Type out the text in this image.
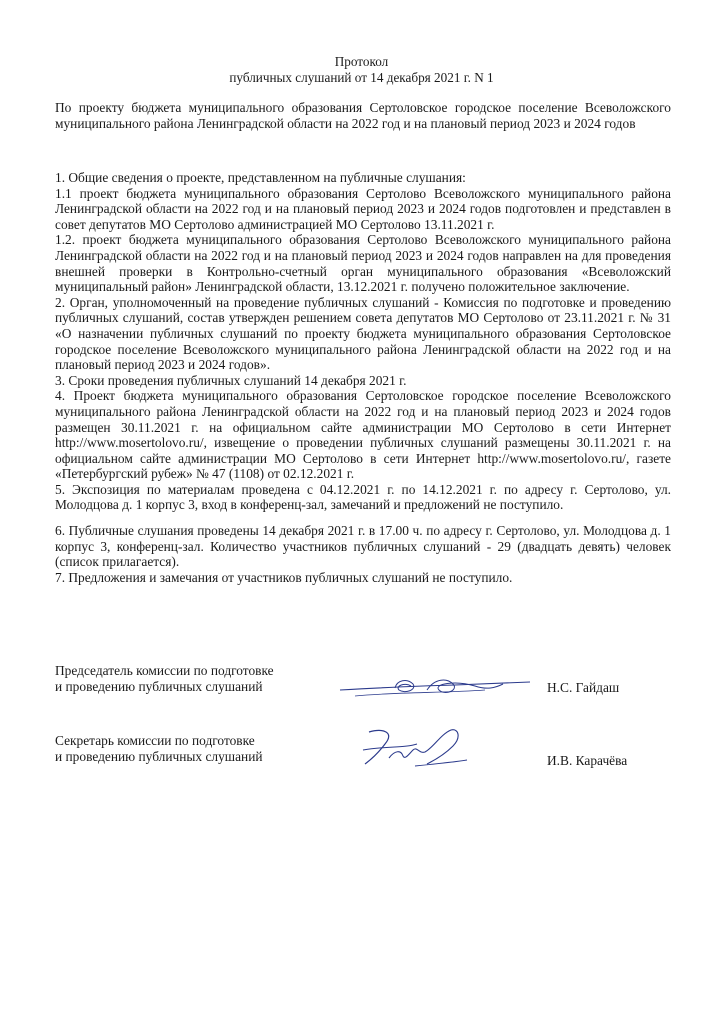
Протокол
публичных слушаний от 14 декабря 2021 г. N 1
По проекту бюджета муниципального образования Сертоловское городское поселение Всеволожского муниципального района Ленинградской области на 2022 год и на плановый период 2023 и 2024 годов

1. Общие сведения о проекте, представленном на публичные слушания:

1.1 проект бюджета муниципального образования Сертолово Всеволожского муниципального района Ленинградской области на 2022 год и на плановый период 2023 и 2024 годов подготовлен и представлен в совет депутатов МО Сертолово администрацией МО Сертолово 13.11.2021 г.

1.2. проект бюджета муниципального образования Сертолово Всеволожского муниципального района Ленинградской области на 2022 год и на плановый период 2023 и 2024 годов направлен на для проведения внешней проверки в Контрольно-счетный орган муниципального образования «Всеволожский муниципальный район» Ленинградской области, 13.12.2021 г. получено положительное заключение.

2. Орган, уполномоченный на проведение публичных слушаний - Комиссия по подготовке и проведению публичных слушаний, состав утвержден решением совета депутатов МО Сертолово от 23.11.2021 г. № 31 «О назначении публичных слушаний по проекту бюджета муниципального образования Сертоловское городское поселение Всеволожского муниципального района Ленинградской области на 2022 год и на плановый период 2023 и 2024 годов».

3. Сроки проведения публичных слушаний 14 декабря 2021 г.

4. Проект бюджета муниципального образования Сертоловское городское поселение Всеволожского муниципального района Ленинградской области на 2022 год и на плановый период 2023 и 2024 годов размещен 30.11.2021 г. на официальном сайте администрации МО Сертолово в сети Интернет http://www.mosertolovo.ru/, извещение о проведении публичных слушаний размещены 30.11.2021 г. на официальном сайте администрации МО Сертолово в сети Интернет http://www.mosertolovo.ru/, газете «Петербургский рубеж» № 47 (1108) от 02.12.2021 г.

5. Экспозиция по материалам проведена с 04.12.2021 г. по 14.12.2021 г. по адресу г. Сертолово, ул. Молодцова д. 1 корпус 3, вход в конференц-зал, замечаний и предложений не поступило.

6. Публичные слушания проведены 14 декабря 2021 г. в 17.00 ч. по адресу г. Сертолово, ул. Молодцова д. 1 корпус 3, конференц-зал. Количество участников публичных слушаний - 29 (двадцать девять) человек (список прилагается).

7. Предложения и замечания от участников публичных слушаний не поступило.

Председатель комиссии по подготовке

и проведению публичных слушаний	Н.С. Гайдаш

Секретарь комиссии по подготовке

и проведению публичных слушаний	И.В. Карачёва
